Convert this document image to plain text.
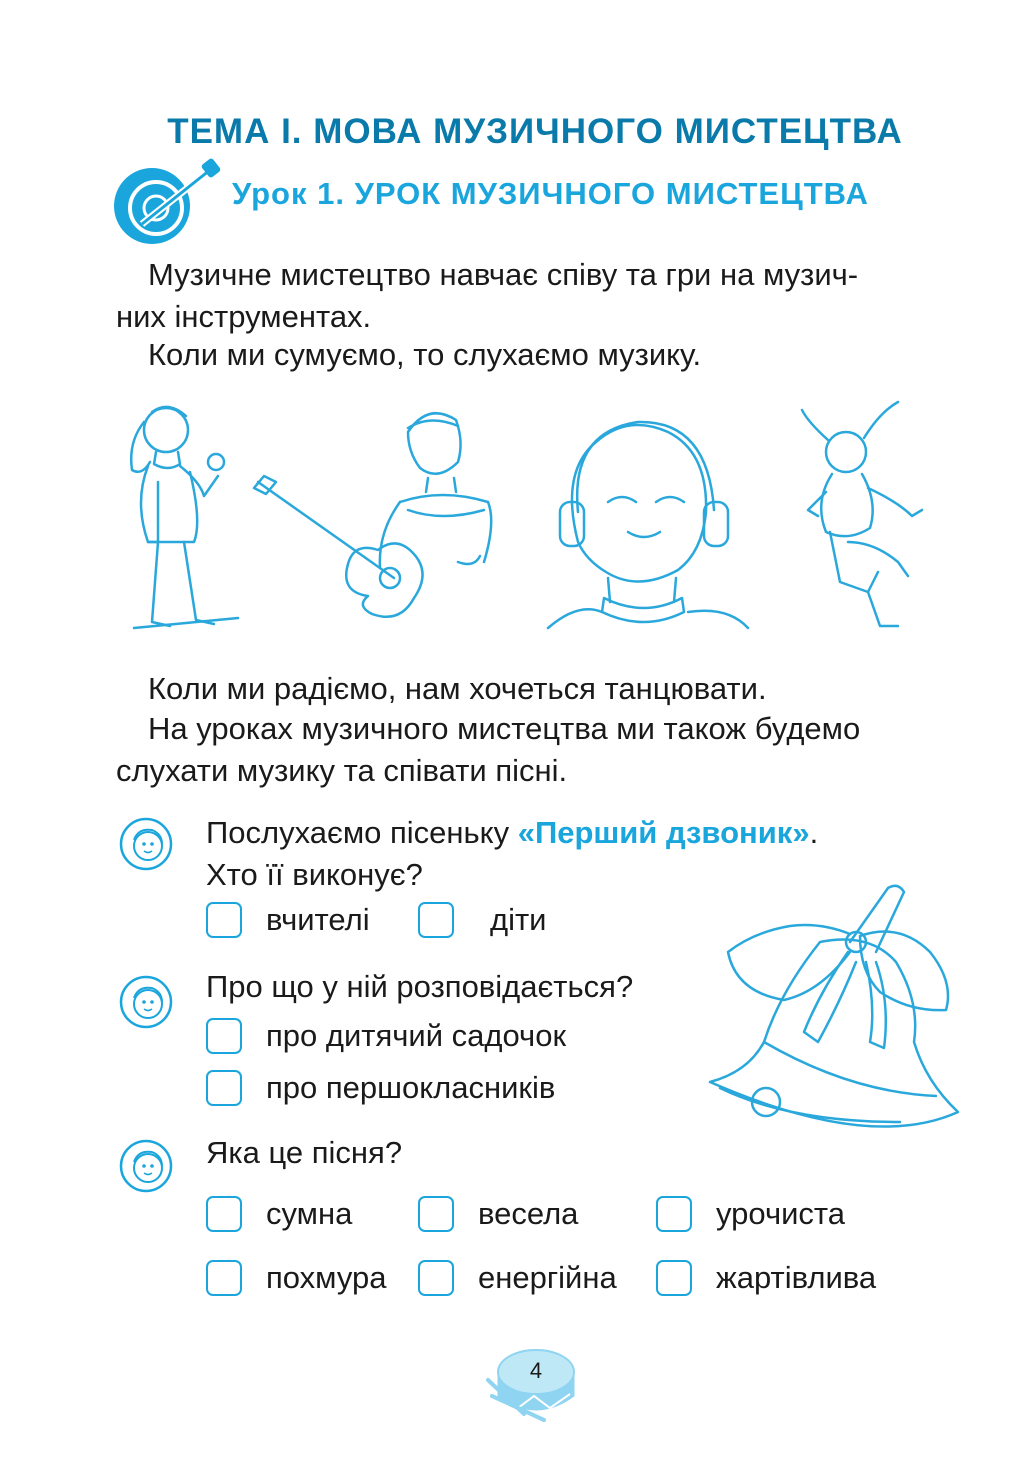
ТЕМА І. МОВА МУЗИЧНОГО МИСТЕЦТВА
Урок 1. УРОК МУЗИЧНОГО МИСТЕЦТВА
Музичне мистецтво навчає співу та гри на музич-
них інструментах.
Коли ми сумуємо, то слухаємо музику.
Коли ми радіємо, нам хочеться танцювати.
На уроках музичного мистецтва ми також будемо
слухати музику та співати пісні.
Послухаємо пісеньку «Перший дзвоник».
Хто її виконує?
вчителі	діти
Про що у ній розповідається?
про дитячий садочок
про першокласників
Яка це пісня?
сумна	весела	урочиста
похмура	енергійна	жартівлива
4
